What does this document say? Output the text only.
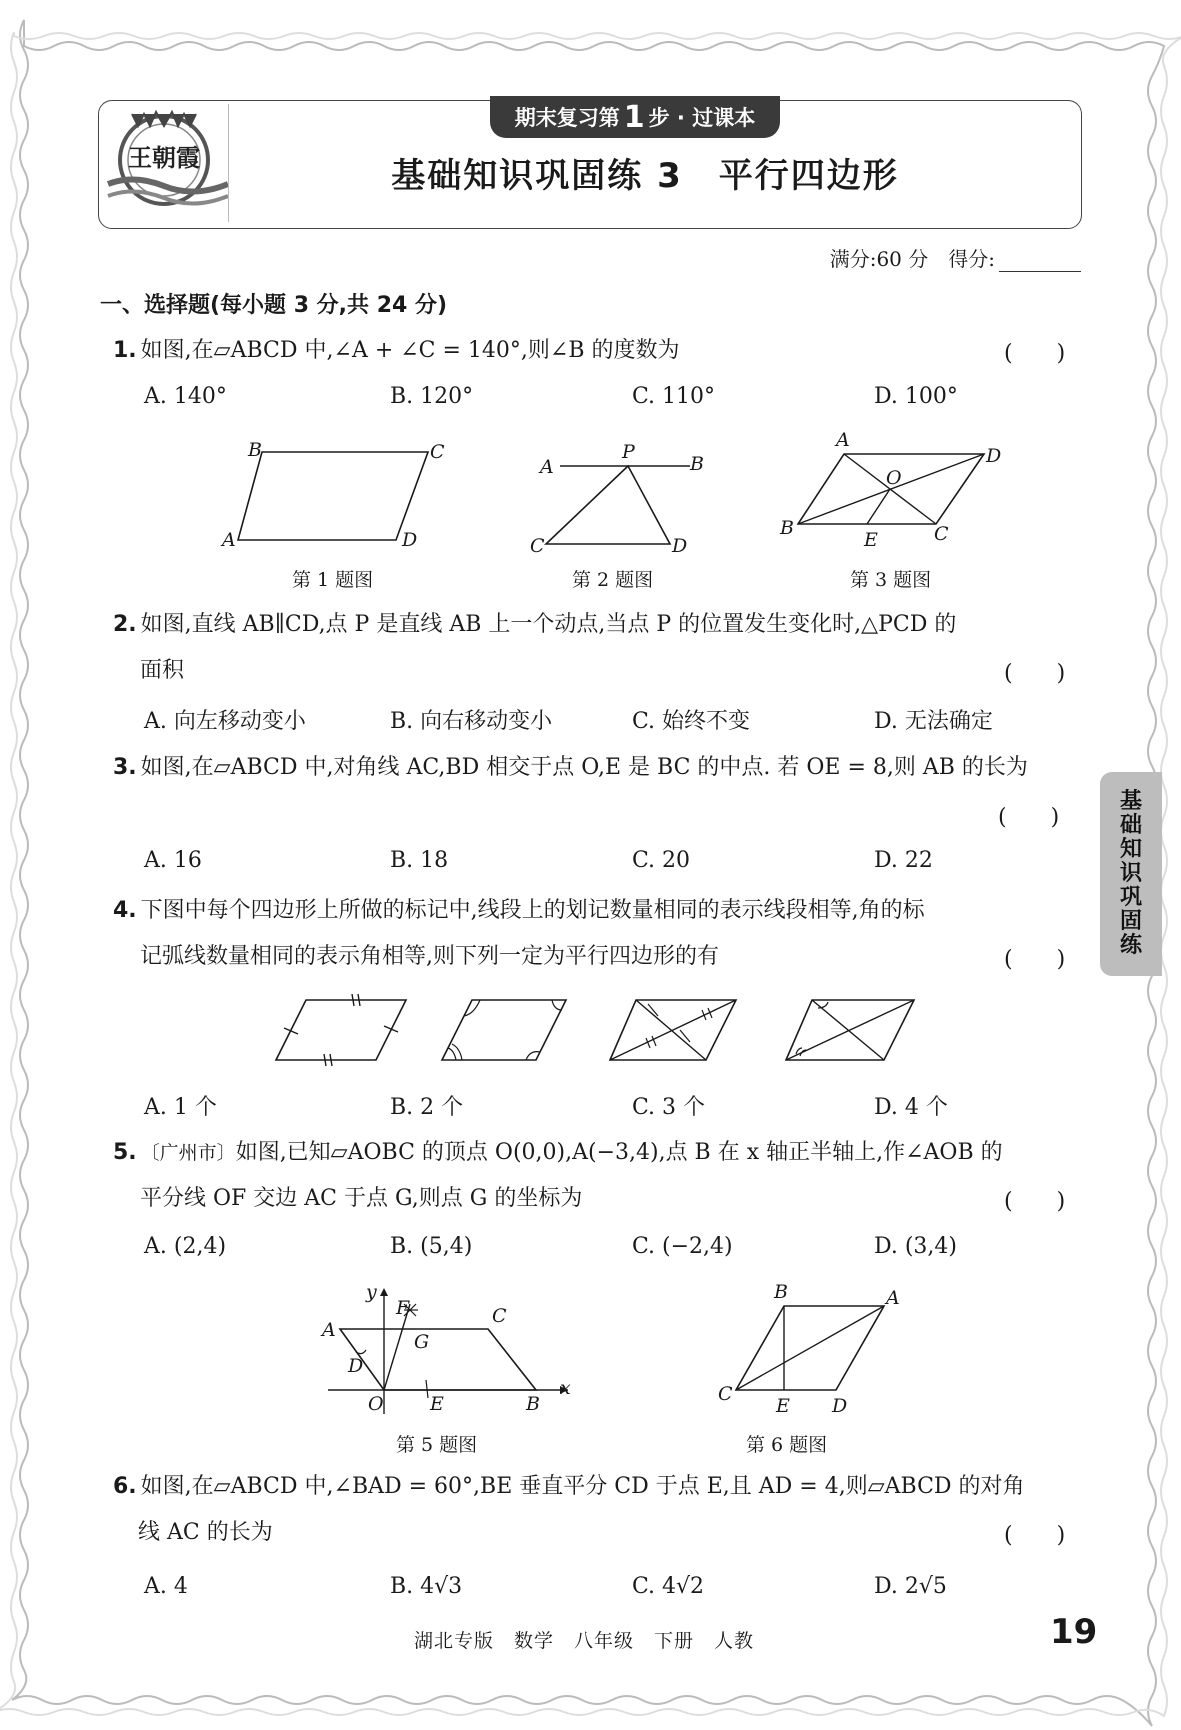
王朝霞
期末复习第 1 步 · 过课本
基础知识巩固练 3　平行四边形
满分:60 分　得分:
一、选择题(每小题 3 分,共 24 分)
1. 如图,在▱ABCD 中,∠A + ∠C = 140°,则∠B 的度数为	(　　)
A. 140°	B. 120°	C. 110°	D. 100°
B	C
A	D
第 1 题图
A
P
B
C	D
第 2 题图
A
D
O
B
E	C
第 3 题图
2. 如图,直线 AB∥CD,点 P 是直线 AB 上一个动点,当点 P 的位置发生变化时,△PCD 的
面积	(　　)
A. 向左移动变小	B. 向右移动变小	C. 始终不变	D. 无法确定
3. 如图,在▱ABCD 中,对角线 AC,BD 相交于点 O,E 是 BC 的中点. 若 OE = 8,则 AB 的长为
(　　)
A. 16	B. 18	C. 20	D. 22
4. 下图中每个四边形上所做的标记中,线段上的划记数量相同的表示线段相等,角的标
记弧线数量相同的表示角相等,则下列一定为平行四边形的有	(　　)
A. 1 个	B. 2 个	C. 3 个	D. 4 个
5. 〔广州市〕如图,已知▱AOBC 的顶点 O(0,0),A(−3,4),点 B 在 x 轴正半轴上,作∠AOB 的
平分线 OF 交边 AC 于点 G,则点 G 的坐标为	(　　)
A. (2,4)	B. (5,4)	C. (−2,4)	D. (3,4)
y
F	C
A
G
D
O E	B
x
第 5 题图
B	A
C
E D
第 6 题图
6. 如图,在▱ABCD 中,∠BAD = 60°,BE 垂直平分 CD 于点 E,且 AD = 4,则▱ABCD 的对角
线 AC 的长为	(　　)
A. 4	B. 4√3	C. 4√2	D. 2√5
基
础
知
识
巩
固
练
湖北专版　数学　八年级　下册　人教	19
